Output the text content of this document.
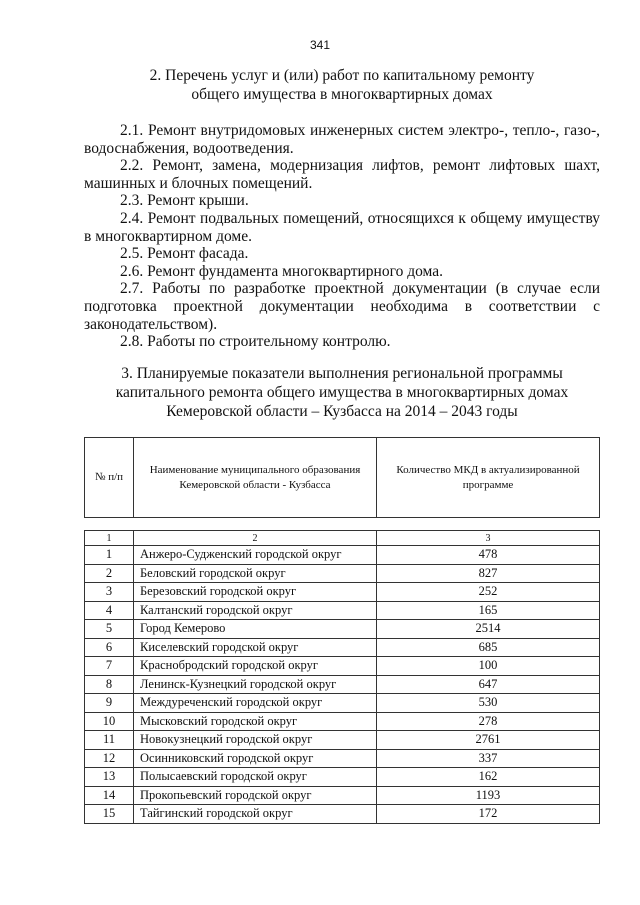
341
2. Перечень услуг и (или) работ по капитальному ремонту
общего имущества в многоквартирных домах

2.1. Ремонт внутридомовых инженерных систем электро-, тепло-, газо-, водоснабжения, водоотведения.

2.2. Ремонт, замена, модернизация лифтов, ремонт лифтовых шахт, машинных и блочных помещений.

2.3. Ремонт крыши.

2.4. Ремонт подвальных помещений, относящихся к общему имуществу в многоквартирном доме.

2.5. Ремонт фасада.

2.6. Ремонт фундамента многоквартирного дома.

2.7. Работы по разработке проектной документации (в случае если подготовка проектной документации необходима в соответствии с законодательством).

2.8. Работы по строительному контролю.

3. Планируемые показатели выполнения региональной программы
капитального ремонта общего имущества в многоквартирных домах
Кемеровской области – Кузбасса на 2014 – 2043 годы
№ п/п	Наименование муниципального образования Кемеровской области - Кузбасса	Количество МКД в актуализированной программе
1	2	3
1	Анжеро-Судженский городской округ	478
2	Беловский городской округ	827
3	Березовский городской округ	252
4	Калтанский городской округ	165
5	Город Кемерово	2514
6	Киселевский городской округ	685
7	Краснобродский городской округ	100
8	Ленинск-Кузнецкий городской округ	647
9	Междуреченский городской округ	530
10	Мысковский городской округ	278
11	Новокузнецкий городской округ	2761
12	Осинниковский городской округ	337
13	Полысаевский городской округ	162
14	Прокопьевский городской округ	1193
15	Тайгинский городской округ	172
